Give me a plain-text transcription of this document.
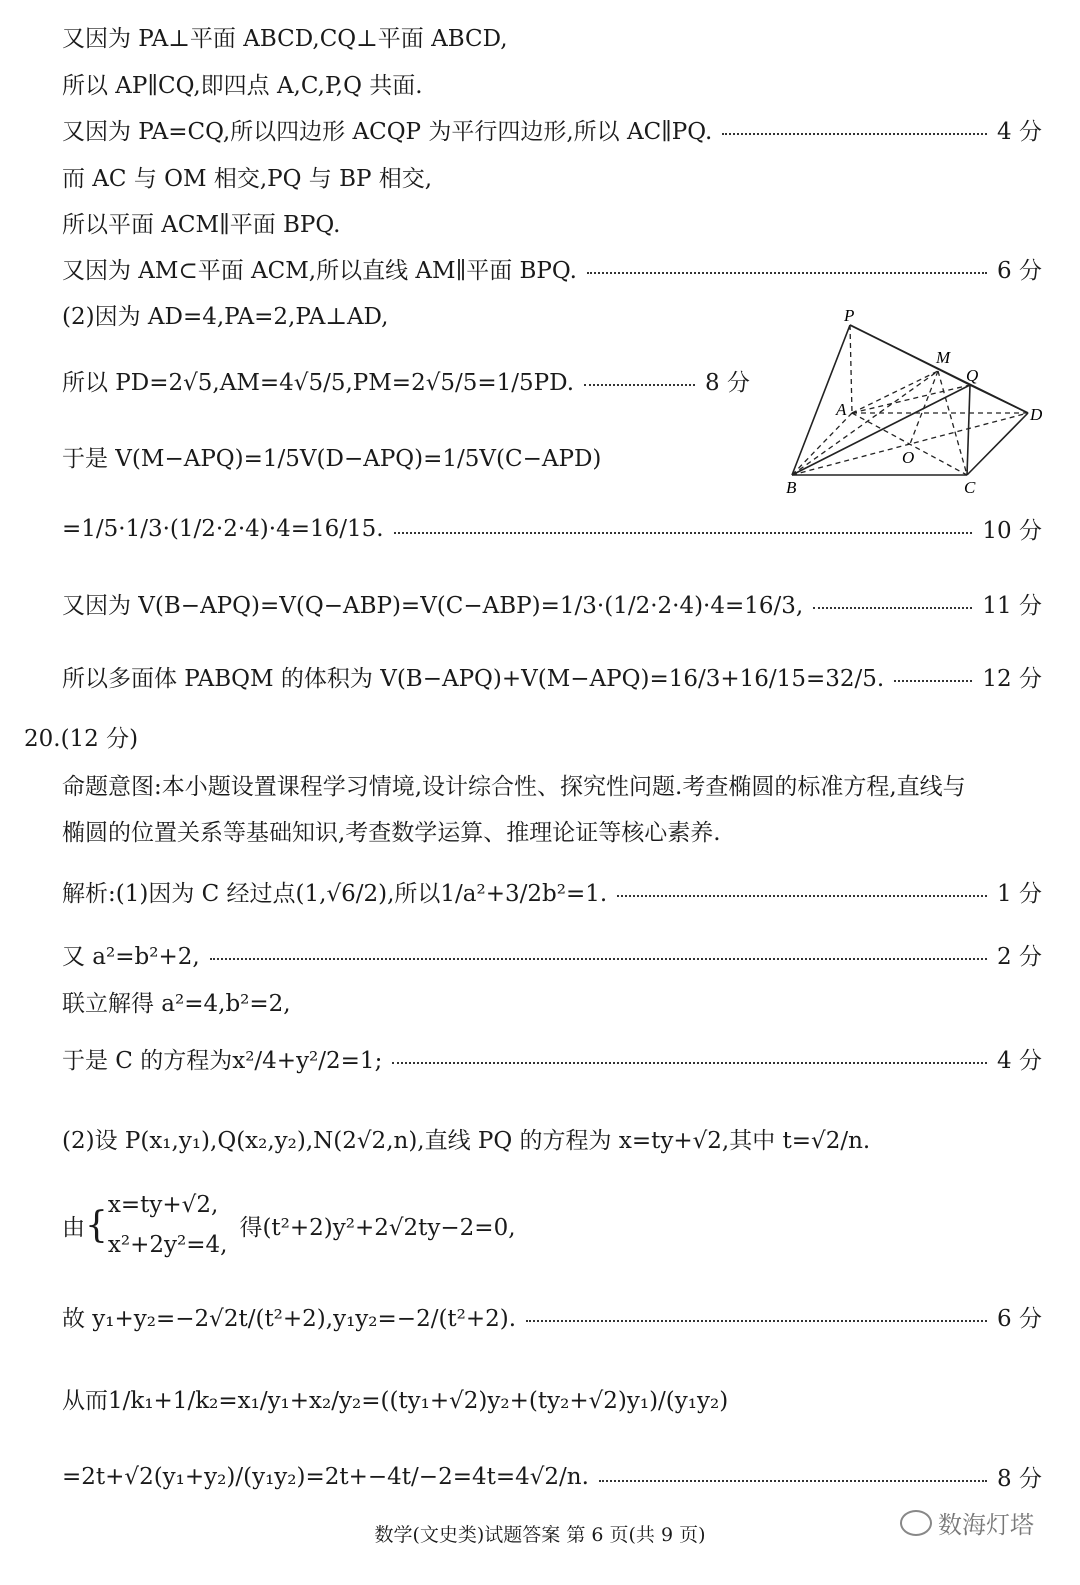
又因为 PA⊥平面 ABCD,CQ⊥平面 ABCD,
所以 AP∥CQ,即四点 A,C,P,Q 共面.
又因为 PA=CQ,所以四边形 ACQP 为平行四边形,所以 AC∥PQ.	4 分
而 AC 与 OM 相交,PQ 与 BP 相交,
所以平面 ACM∥平面 BPQ.
又因为 AM⊂平面 ACM,所以直线 AM∥平面 BPQ.	6 分
(2)因为 AD=4,PA=2,PA⊥AD,
所以 PD=2√5,AM=4√5/5,PM=2√5/5=1/5PD.	8 分
于是 V(M−APQ)=1/5V(D−APQ)=1/5V(C−APD)
=1/5·1/3·(1/2·2·4)·4=16/15.	10 分
又因为 V(B−APQ)=V(Q−ABP)=V(C−ABP)=1/3·(1/2·2·4)·4=16/3,	11 分
所以多面体 PABQM 的体积为 V(B−APQ)+V(M−APQ)=16/3+16/15=32/5.	12 分
P
M
Q
A	D
O
B	C
20.(12 分)
命题意图:本小题设置课程学习情境,设计综合性、探究性问题.考查椭圆的标准方程,直线与
椭圆的位置关系等基础知识,考查数学运算、推理论证等核心素养.
解析:(1)因为 C 经过点(1,√6/2),所以1/a²+3/2b²=1.	1 分
又 a²=b²+2,	2 分
联立解得 a²=4,b²=2,
于是 C 的方程为x²/4+y²/2=1;	4 分
(2)设 P(x₁,y₁),Q(x₂,y₂),N(2√2,n),直线 PQ 的方程为 x=ty+√2,其中 t=√2/n.
由 { x=ty+√2,
x²+2y²=4,
得(t²+2)y²+2√2ty−2=0,
故 y₁+y₂=−2√2t/(t²+2),y₁y₂=−2/(t²+2).	6 分
从而1/k₁+1/k₂=x₁/y₁+x₂/y₂=((ty₁+√2)y₂+(ty₂+√2)y₁)/(y₁y₂)
=2t+√2(y₁+y₂)/(y₁y₂)=2t+−4t/−2=4t=4√2/n.	8 分
数海灯塔
数学(文史类)试题答案 第 6 页(共 9 页)
